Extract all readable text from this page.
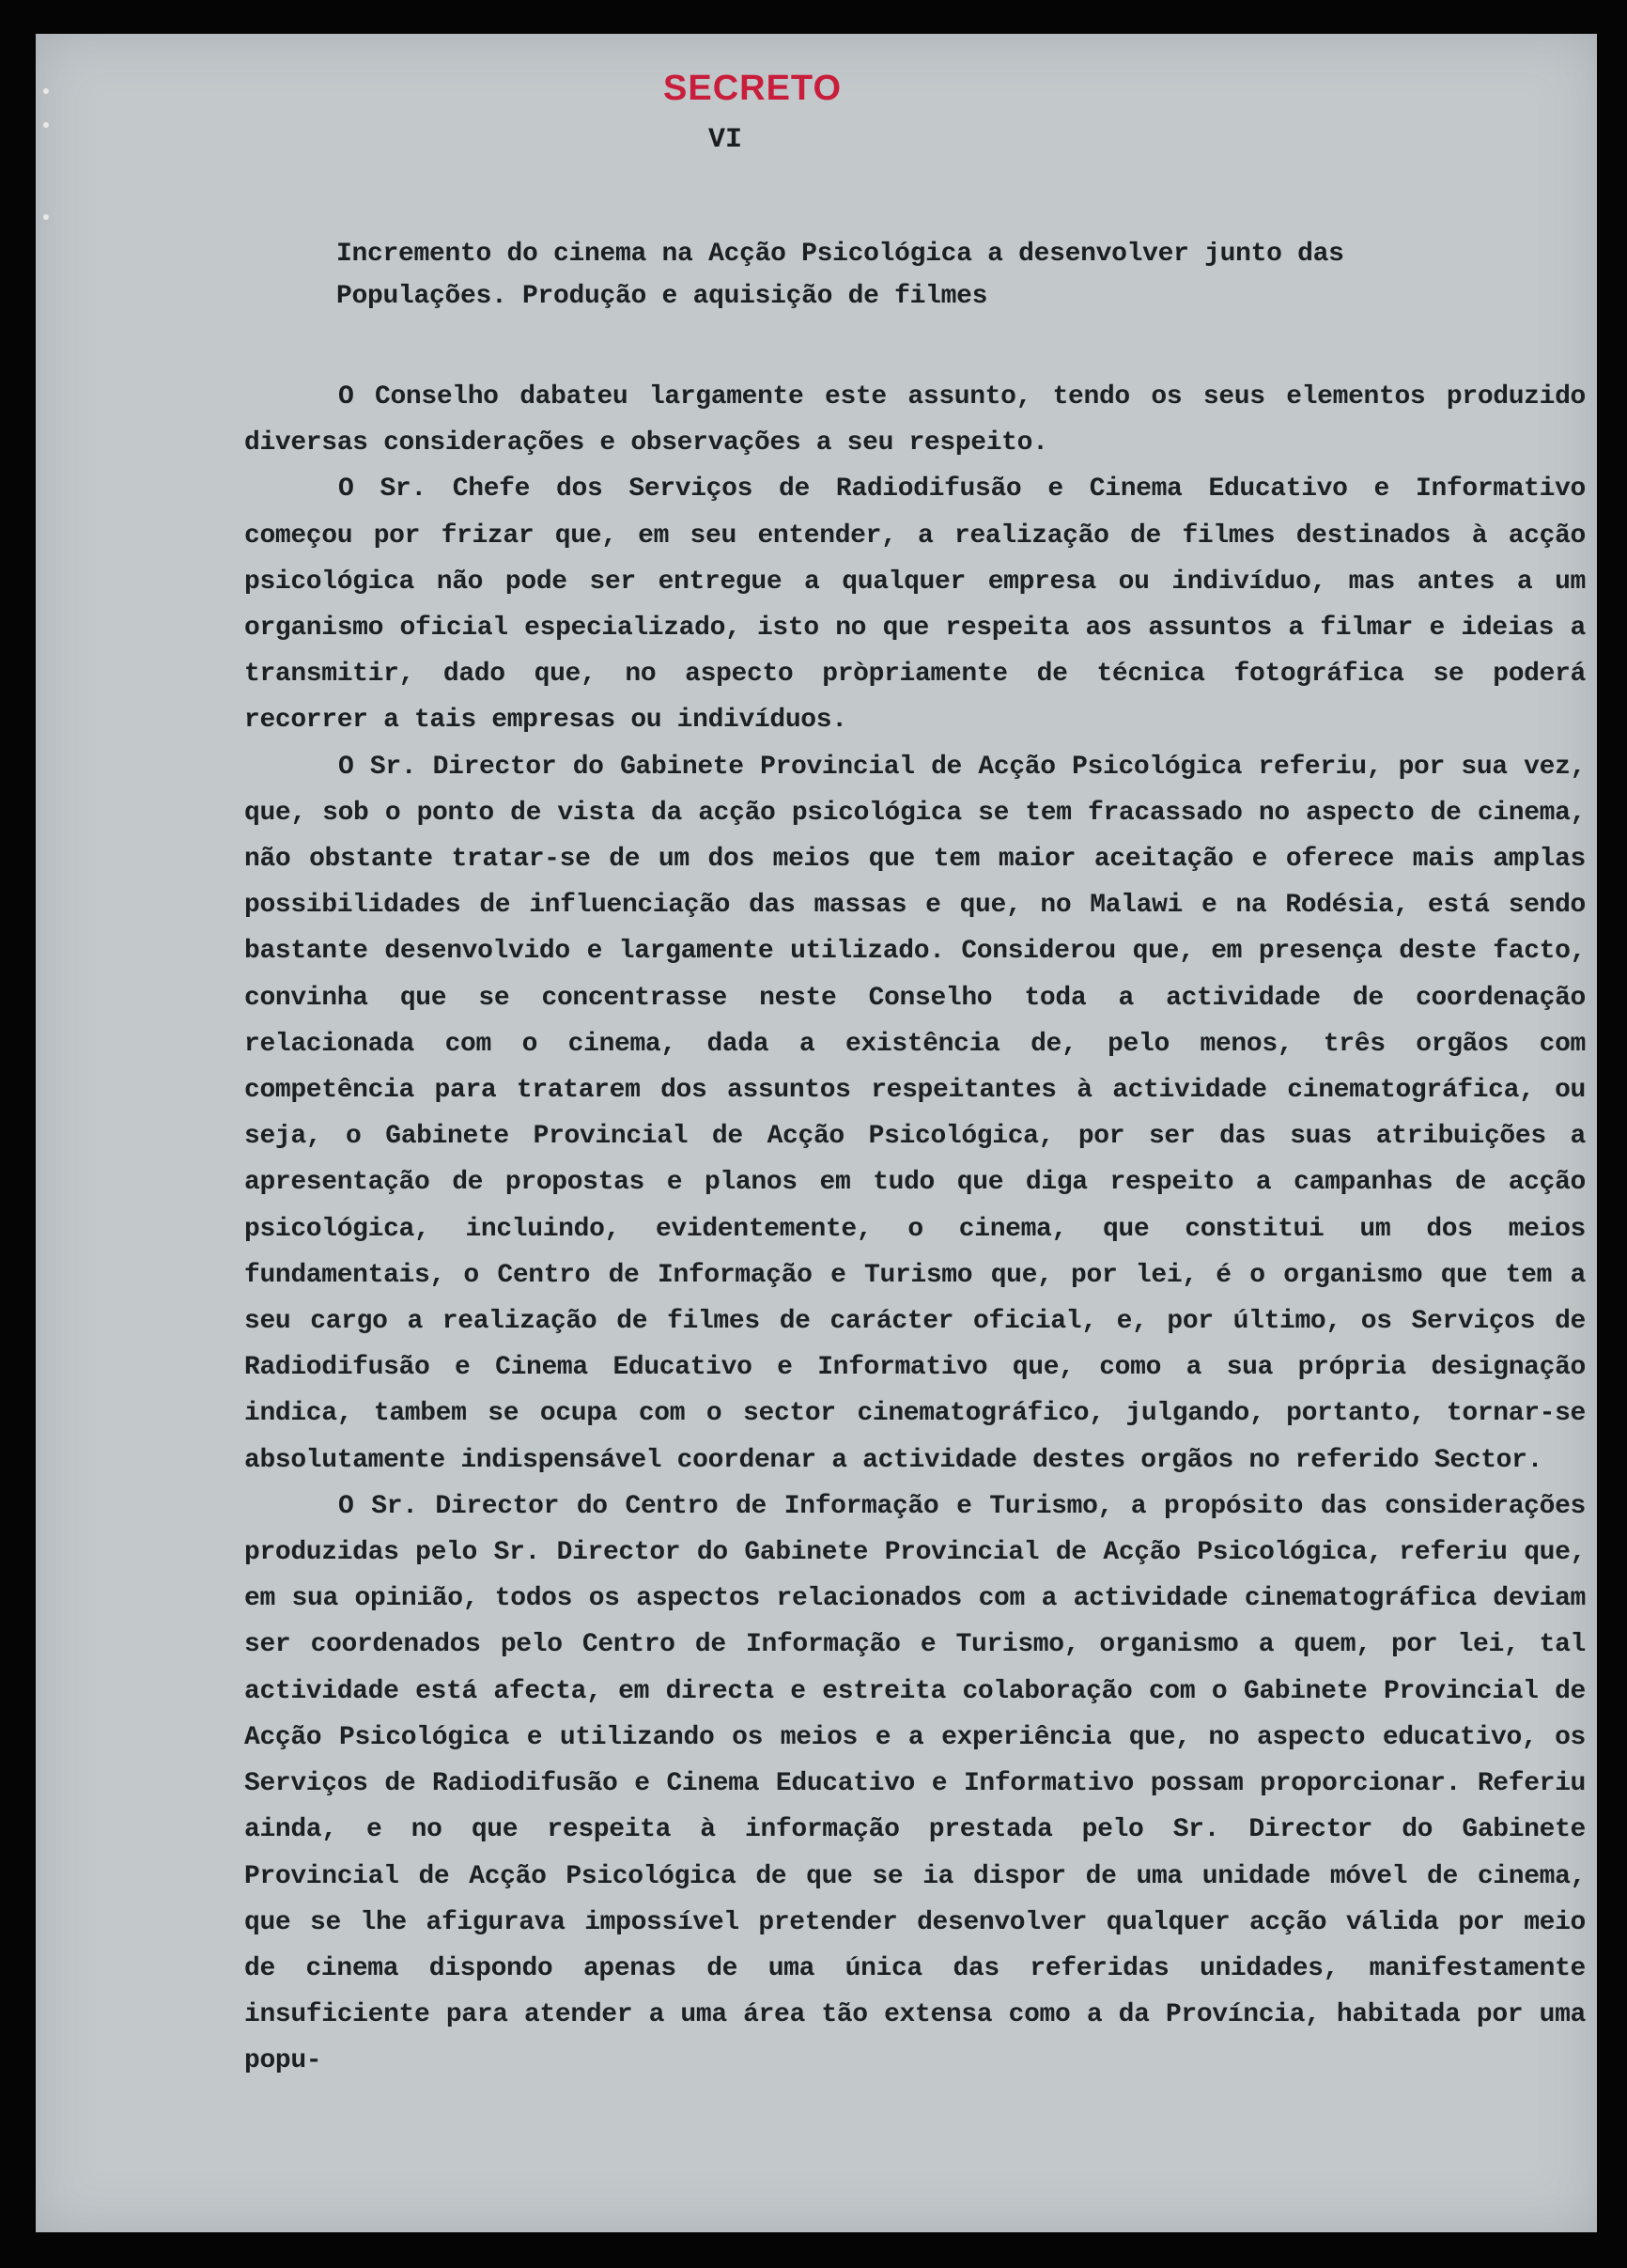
SECRETO
VI
Incremento do cinema na Acção Psicológica a desenvolver junto das Populações. Produção e aquisição de filmes

O Conselho dabateu largamente este assunto, tendo os seus elementos produzido diversas considerações e observações a seu respeito.

O Sr. Chefe dos Serviços de Radiodifusão e Cinema Educativo e Informativo começou por frizar que, em seu entender, a realização de filmes destinados à acção psicológica não pode ser entregue a qualquer empresa ou indivíduo, mas antes a um organismo oficial especializado, isto no que respeita aos assuntos a filmar e ideias a transmitir, dado que, no aspecto pròpriamente de técnica fotográfica se poderá recorrer a tais empresas ou indivíduos.

O Sr. Director do Gabinete Provincial de Acção Psicológica referiu, por sua vez, que, sob o ponto de vista da acção psicológica se tem fracassado no aspecto de cinema, não obstante tratar-se de um dos meios que tem maior aceitação e oferece mais amplas possibilidades de influenciação das massas e que, no Malawi e na Rodésia, está sendo bastante desenvolvido e largamente utilizado. Considerou que, em presença deste facto, convinha que se concentrasse neste Conselho toda a actividade de coordenação relacionada com o cinema, dada a existência de, pelo menos, três orgãos com competência para tratarem dos assuntos respeitantes à actividade cinematográfica, ou seja, o Gabinete Provincial de Acção Psicológica, por ser das suas atribuições a apresentação de propostas e planos em tudo que diga respeito a campanhas de acção psicológica, incluindo, evidentemente, o cinema, que constitui um dos meios fundamentais, o Centro de Informação e Turismo que, por lei, é o organismo que tem a seu cargo a realização de filmes de carácter oficial, e, por último, os Serviços de Radiodifusão e Cinema Educativo e Informativo que, como a sua própria designação indica, tambem se ocupa com o sector cinematográfico, julgando, portanto, tornar-se absolutamente indispensável coordenar a actividade destes orgãos no referido Sector.

O Sr. Director do Centro de Informação e Turismo, a propósito das considerações produzidas pelo Sr. Director do Gabinete Provincial de Acção Psicológica, referiu que, em sua opinião, todos os aspectos relacionados com a actividade cinematográfica deviam ser coordenados pelo Centro de Informação e Turismo, organismo a quem, por lei, tal actividade está afecta, em directa e estreita colaboração com o Gabinete Provincial de Acção Psicológica e utilizando os meios e a experiência que, no aspecto educativo, os Serviços de Radiodifusão e Cinema Educativo e Informativo possam proporcionar. Referiu ainda, e no que respeita à informação prestada pelo Sr. Director do Gabinete Provincial de Acção Psicológica de que se ia dispor de uma unidade móvel de cinema, que se lhe afigurava impossível pretender desenvolver qualquer acção válida por meio de cinema dispondo apenas de uma única das referidas unidades, manifestamente insuficiente para atender a uma área tão extensa como a da Província, habitada por uma popu-
